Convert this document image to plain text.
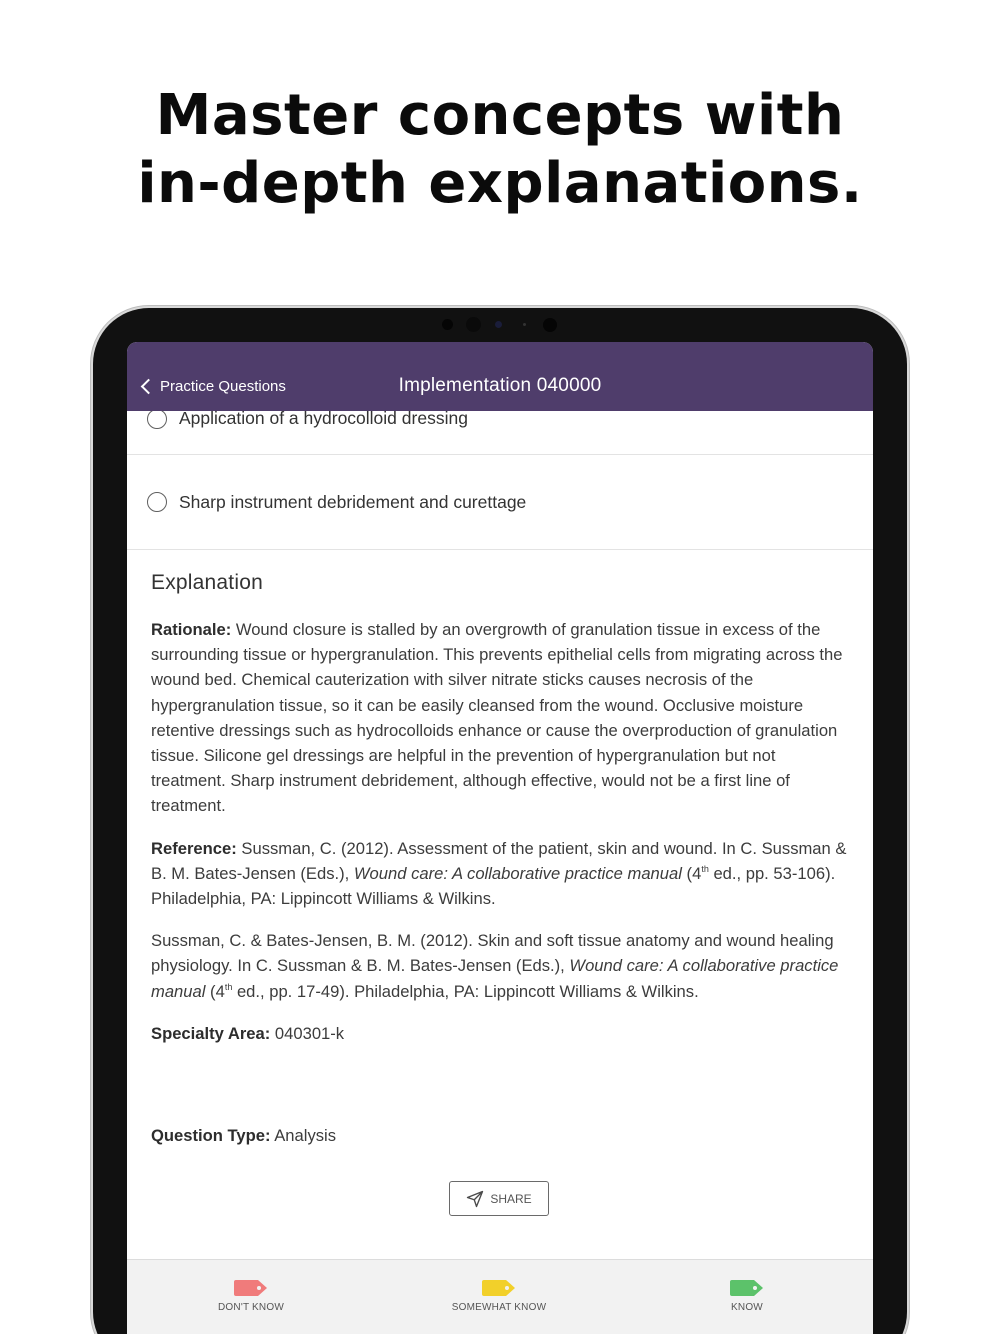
Master concepts with
in-depth explanations.
Practice Questions	Implementation 040000
Application of a hydrocolloid dressing
Sharp instrument debridement and curettage
Explanation

Rationale: Wound closure is stalled by an overgrowth of granulation tissue in excess of the surrounding tissue or hypergranulation. This prevents epithelial cells from migrating across the wound bed. Chemical cauterization with silver nitrate sticks causes necrosis of the hypergranulation tissue, so it can be easily cleansed from the wound. Occlusive moisture retentive dressings such as hydrocolloids enhance or cause the overproduction of granulation tissue. Silicone gel dressings are helpful in the prevention of hypergranulation but not treatment. Sharp instrument debridement, although effective, would not be a first line of treatment.

Reference: Sussman, C. (2012). Assessment of the patient, skin and wound. In C. Sussman & B. M. Bates-Jensen (Eds.), Wound care: A collaborative practice manual (4th ed., pp. 53-106). Philadelphia, PA: Lippincott Williams & Wilkins.

Sussman, C. & Bates-Jensen, B. M. (2012). Skin and soft tissue anatomy and wound healing physiology. In C. Sussman & B. M. Bates-Jensen (Eds.), Wound care: A collaborative practice manual (4th ed., pp. 17-49). Philadelphia, PA: Lippincott Williams & Wilkins.

Specialty Area: 040301-k

Question Type: Analysis

SHARE
DON'T KNOW	SOMEWHAT KNOW	KNOW
